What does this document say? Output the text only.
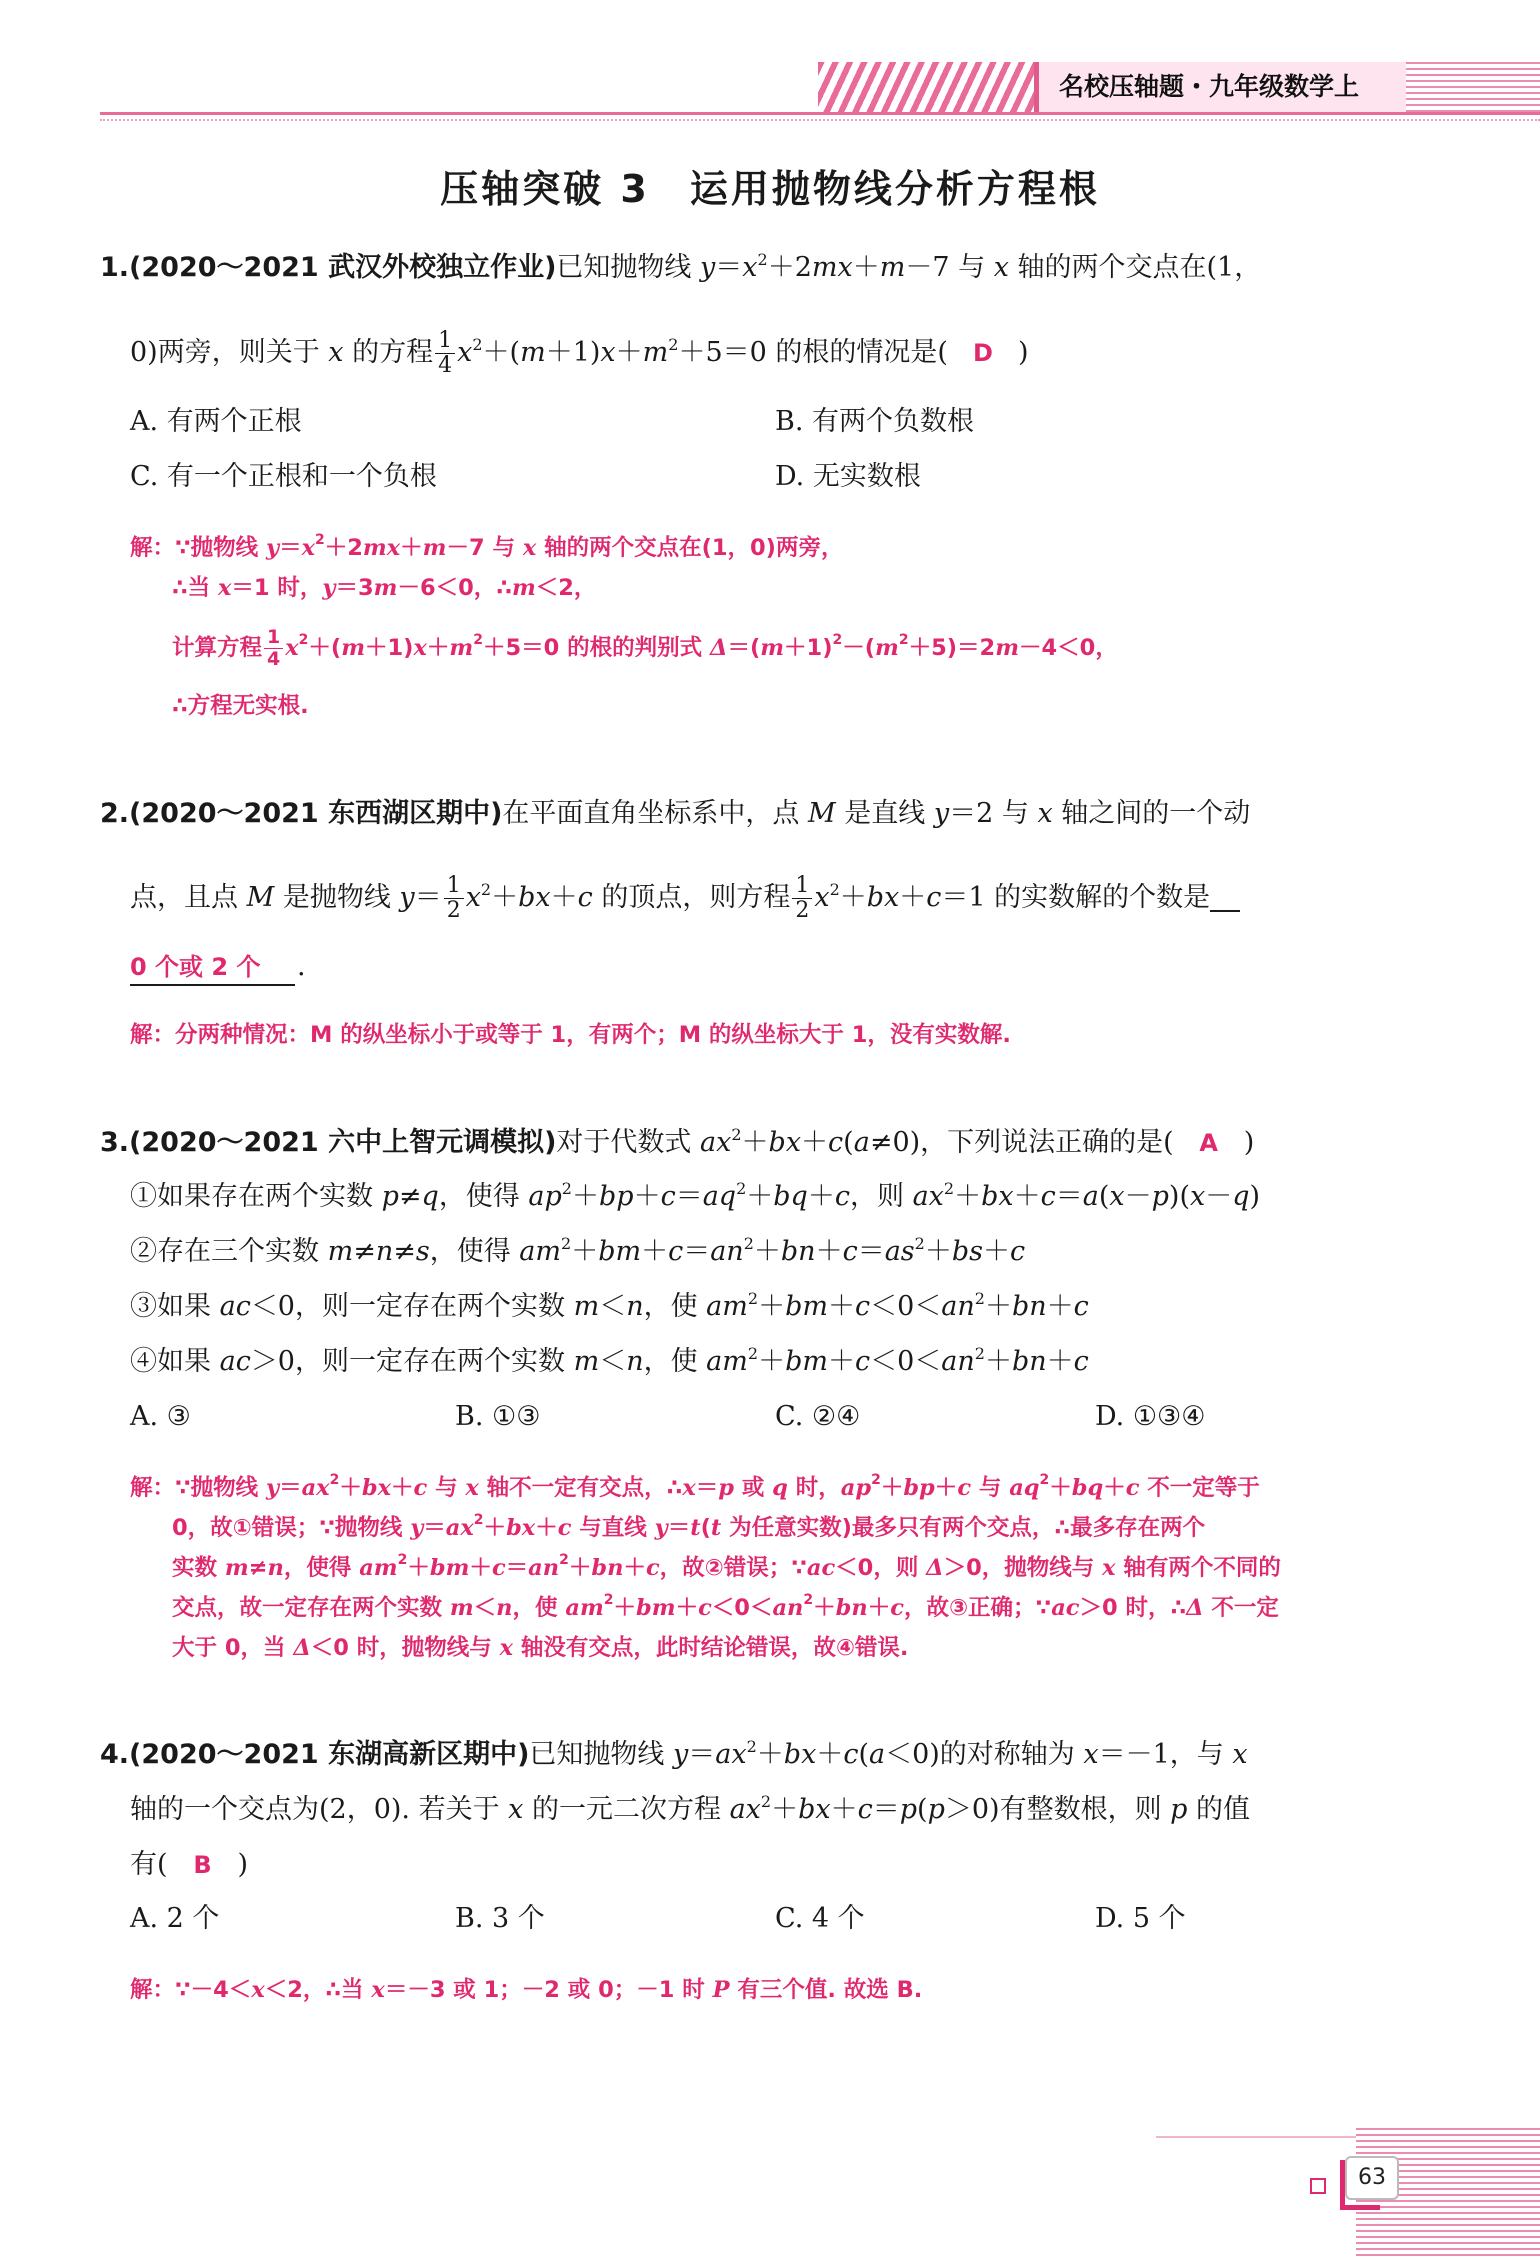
名校压轴题・九年级数学上
压轴突破 3 运用抛物线分析方程根
1.(2020～2021 武汉外校独立作业)已知抛物线 $y=x^2+2mx+m-7$ 与 x 轴的两个交点在(1，
0)两旁，则关于 x 的方程 $\frac{1}{4} x^2+(m+1)x+m^2+5=0$ 的根的情况是( D )
A. 有两个正根	B. 有两个负数根
C. 有一个正根和一个负根	D. 无实数根
解：∵抛物线 $y=x^2+2mx+m-7$ 与 x 轴的两个交点在(1，0)两旁，
∴当 x＝1 时，y＝3m－6＜0，∴m＜2，
计算方程 $\frac{1}{4} x^2+(m+1)x+m^2+5=0$ 的根的判别式 $\Delta=(m+1)^2-(m^2+5)=2m-4<0$，
∴方程无实根.
2.(2020～2021 东西湖区期中)在平面直角坐标系中，点 M 是直线 y＝2 与 x 轴之间的一个动
点，且点 M 是抛物线 $y= \frac{1}{2} x^2+bx+c$ 的顶点，则方程 $\frac{1}{2} x^2+bx+c=1$ 的实数解的个数是
0 个或 2 个	.
解：分两种情况：M 的纵坐标小于或等于 1，有两个；M 的纵坐标大于 1，没有实数解.
3.(2020～2021 六中上智元调模拟)对于代数式 $ax^2+bx+c(a\ne 0)$，下列说法正确的是( A )
①如果存在两个实数 p≠q，使得 $ap^2+bp+c=aq^2+bq+c$，则 $ax^2+bx+c=a(x-p)(x-q)$
②存在三个实数 m≠n≠s，使得 $am^2+bm+c=an^2+bn+c=as^2+bs+c$
③如果 ac＜0，则一定存在两个实数 m＜n，使 $am^2+bm+c<0<an^2+bn+c$
④如果 ac＞0，则一定存在两个实数 m＜n，使 $am^2+bm+c<0<an^2+bn+c$
A. ③	B. ①③	C. ②④	D. ①③④
解：∵抛物线 $y=ax^2+bx+c$ 与 x 轴不一定有交点，∴x＝p 或 q 时，$ap^2+bp+c$ 与 $aq^2+bq+c$ 不一定等于
0，故①错误；∵抛物线 $y=ax^2+bx+c$ 与直线 y＝t(t 为任意实数)最多只有两个交点，∴最多存在两个
实数 m≠n，使得 $am^2+bm+c=an^2+bn+c$，故②错误；∵ac＜0，则 Δ＞0，抛物线与 x 轴有两个不同的
交点，故一定存在两个实数 m＜n，使 $am^2+bm+c<0<an^2+bn+c$，故③正确；∵ac＞0 时，∴Δ 不一定
大于 0，当 Δ＜0 时，抛物线与 x 轴没有交点，此时结论错误，故④错误.
4.(2020～2021 东湖高新区期中)已知抛物线 $y=ax^2+bx+c(a<0)$的对称轴为 x＝－1，与 x
轴的一个交点为(2，0). 若关于 x 的一元二次方程 $ax^2+bx+c=p(p>0)$有整数根，则 p 的值
有( B )
A. 2 个	B. 3 个	C. 4 个	D. 5 个
解：∵－4＜x＜2，∴当 x＝－3 或 1；－2 或 0；－1 时 P 有三个值. 故选 B.
63
